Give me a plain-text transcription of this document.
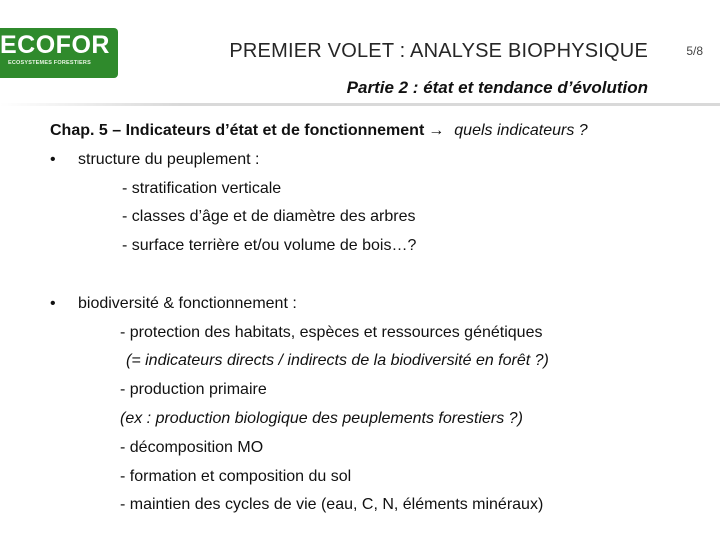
ECOFOR
ECOSYSTEMES FORESTIERS
PREMIER VOLET : ANALYSE BIOPHYSIQUE	5/8
Partie 2 : état et tendance d’évolution
Chap. 5 – Indicateurs d’état et de fonctionnement → quels indicateurs ?
• structure du peuplement :
- stratification verticale
- classes d’âge et de diamètre des arbres
- surface terrière et/ou volume de bois…?
• biodiversité & fonctionnement :
- protection des habitats, espèces et ressources génétiques
(= indicateurs directs / indirects de la biodiversité en forêt ?)
- production primaire
(ex : production biologique des peuplements forestiers ?)
- décomposition MO
- formation et composition du sol
- maintien des cycles de vie (eau, C, N, éléments minéraux)
